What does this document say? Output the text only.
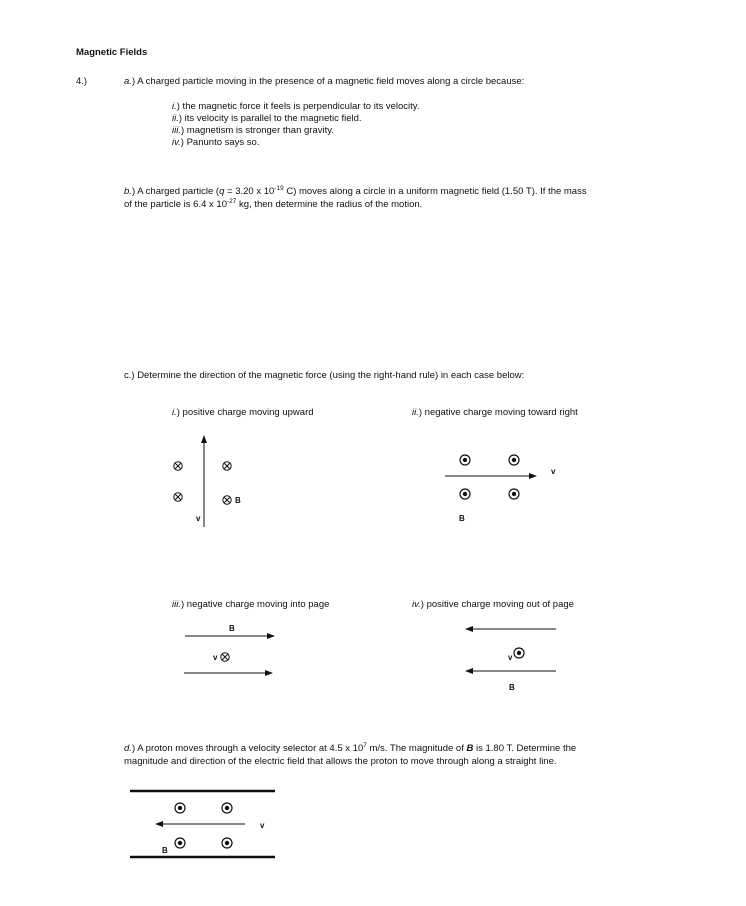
Magnetic Fields
4.)	a.) A charged particle moving in the presence of a magnetic field moves along a circle because:
i.) the magnetic force it feels is perpendicular to its velocity.
ii.) its velocity is parallel to the magnetic field.
iii.) magnetism is stronger than gravity.
iv.) Panunto says so.
b.) A charged particle (q = 3.20 x $10^{-19}$ C) moves along a circle in a uniform magnetic field (1.50 T). If the mass
of the particle is 6.4 x $10^{-27}$ kg, then determine the radius of the motion.
c.) Determine the direction of the magnetic force (using the right-hand rule) in each case below:
i.) positive charge moving upward	ii.) negative charge moving toward right
iii.) negative charge moving into page	iv.) positive charge moving out of page
d.) A proton moves through a velocity selector at 4.5 x $10^7$ m/s. The magnitude of B is 1.80 T. Determine the
magnitude and direction of the electric field that allows the proton to move through along a straight line.
v
B
v
B
B
v	v
B
v
B
